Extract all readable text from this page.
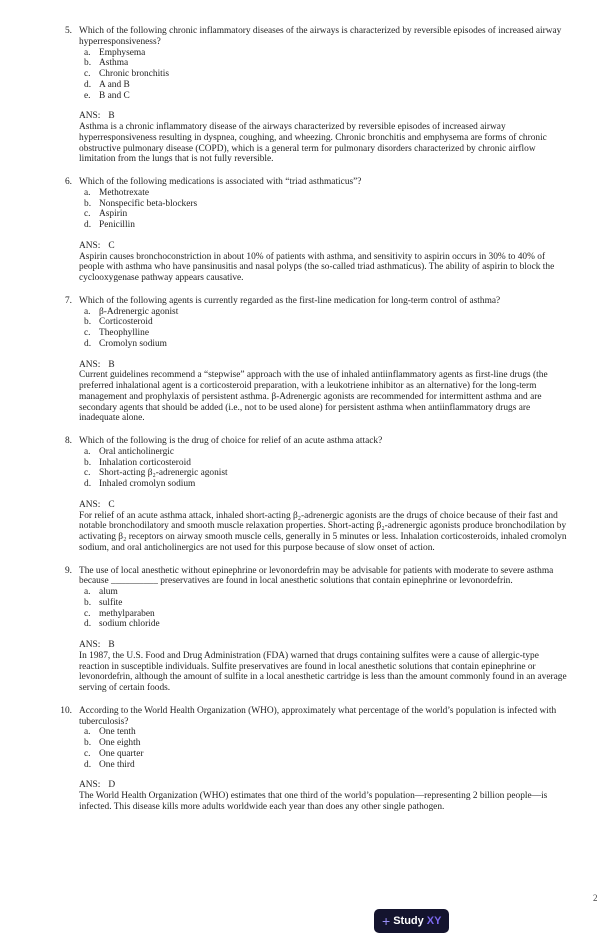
5. Which of the following chronic inflammatory diseases of the airways is characterized by reversible episodes of increased airway hyperresponsiveness?
a. Emphysema
b. Asthma
c. Chronic bronchitis
d. A and B
e. B and C
ANS: B
Asthma is a chronic inflammatory disease of the airways characterized by reversible episodes of increased airway hyperresponsiveness resulting in dyspnea, coughing, and wheezing. Chronic bronchitis and emphysema are forms of chronic obstructive pulmonary disease (COPD), which is a general term for pulmonary disorders characterized by chronic airflow limitation from the lungs that is not fully reversible.
6. Which of the following medications is associated with “triad asthmaticus”?
a. Methotrexate
b. Nonspecific beta-blockers
c. Aspirin
d. Penicillin
ANS: C
Aspirin causes bronchoconstriction in about 10% of patients with asthma, and sensitivity to aspirin occurs in 30% to 40% of people with asthma who have pansinusitis and nasal polyps (the so-called triad asthmaticus). The ability of aspirin to block the cyclooxygenase pathway appears causative.
7. Which of the following agents is currently regarded as the first-line medication for long-term control of asthma?
a. β-Adrenergic agonist
b. Corticosteroid
c. Theophylline
d. Cromolyn sodium
ANS: B
Current guidelines recommend a “stepwise” approach with the use of inhaled antiinflammatory agents as first-line drugs (the preferred inhalational agent is a corticosteroid preparation, with a leukotriene inhibitor as an alternative) for the long-term management and prophylaxis of persistent asthma. β-Adrenergic agonists are recommended for intermittent asthma and are secondary agents that should be added (i.e., not to be used alone) for persistent asthma when antiinflammatory drugs are inadequate alone.
8. Which of the following is the drug of choice for relief of an acute asthma attack?
a. Oral anticholinergic
b. Inhalation corticosteroid
c. Short-acting β₂-adrenergic agonist
d. Inhaled cromolyn sodium
ANS: C
For relief of an acute asthma attack, inhaled short-acting β₂-adrenergic agonists are the drugs of choice because of their fast and notable bronchodilatory and smooth muscle relaxation properties. Short-acting β₂-adrenergic agonists produce bronchodilation by activating β₂ receptors on airway smooth muscle cells, generally in 5 minutes or less. Inhalation corticosteroids, inhaled cromolyn sodium, and oral anticholinergics are not used for this purpose because of slow onset of action.
9. The use of local anesthetic without epinephrine or levonordefrin may be advisable for patients with moderate to severe asthma because __________ preservatives are found in local anesthetic solutions that contain epinephrine or levonordefrin.
a. alum
b. sulfite
c. methylparaben
d. sodium chloride
ANS: B
In 1987, the U.S. Food and Drug Administration (FDA) warned that drugs containing sulfites were a cause of allergic-type reaction in susceptible individuals. Sulfite preservatives are found in local anesthetic solutions that contain epinephrine or levonordefrin, although the amount of sulfite in a local anesthetic cartridge is less than the amount commonly found in an average serving of certain foods.
10. According to the World Health Organization (WHO), approximately what percentage of the world’s population is infected with tuberculosis?
a. One tenth
b. One eighth
c. One quarter
d. One third
ANS: D
The World Health Organization (WHO) estimates that one third of the world’s population—representing 2 billion people—is infected. This disease kills more adults worldwide each year than does any other single pathogen.
2
+ Study XY
